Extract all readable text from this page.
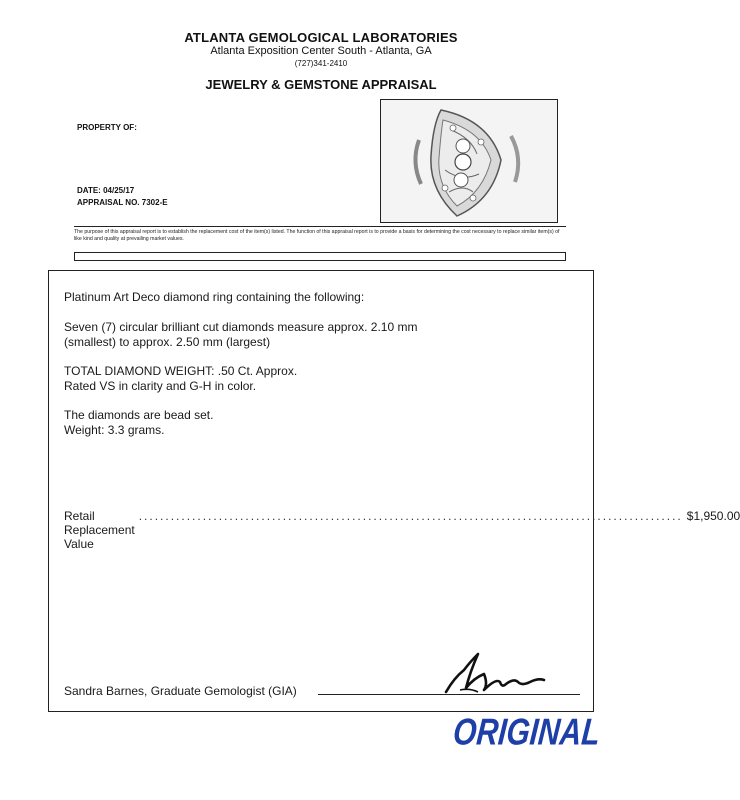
ATLANTA GEMOLOGICAL LABORATORIES
Atlanta Exposition Center South - Atlanta, GA
(727)341-2410
JEWELRY & GEMSTONE APPRAISAL
PROPERTY OF:
DATE: 04/25/17
APPRAISAL NO. 7302-E
The purpose of this appraisal report is to establish the replacement cost of the item(s) listed. The function of this appraisal report is to provide a basis for determining the cost necessary to replace similar item(s) of like kind and quality at prevailing market values.
Platinum Art Deco diamond ring containing the following:
Seven (7) circular brilliant cut diamonds measure approx. 2.10 mm
(smallest) to approx. 2.50 mm (largest)
TOTAL DIAMOND WEIGHT: .50 Ct. Approx.
Rated VS in clarity and G-H in color.
The diamonds are bead set.
Weight: 3.3 grams.
Retail Replacement Value
...................................................................................................... $1,950.00
Sandra Barnes, Graduate Gemologist (GIA)
ORIGINAL
